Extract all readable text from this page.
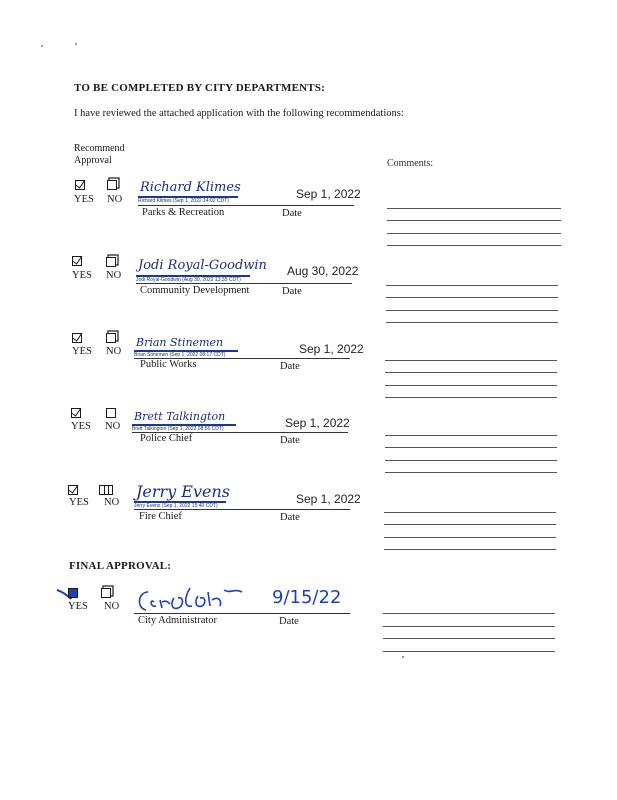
TO BE COMPLETED BY CITY DEPARTMENTS:
I have reviewed the attached application with the following recommendations:
Recommend
Approval	Comments:
YES NO
Richard Klimes
Richard Klimes (Sep 1, 2022 14:02 CDT)	Sep 1, 2022
Parks & Recreation	Date
YES NO
Jodi Royal-Goodwin
Jodi Royal-Goodwin (Aug 30, 2022 13:35 CDT)
Aug 30, 2022
Community Development	Date
YES NO
Brian Stinemen
Brian Stinemen (Sep 1, 2022 08:17 CDT)	Sep 1, 2022
Public Works	Date
YES NO
Brett Talkington
Brett Talkington (Sep 1, 2022 08:55 CDT)	Sep 1, 2022
Police Chief	Date
YES NO
Jerry Evens
Jerry Evens (Sep 1, 2022 15:40 CDT)	Sep 1, 2022
Fire Chief	Date
FINAL APPROVAL:
YES NO	9/15/22
City Administrator	Date
